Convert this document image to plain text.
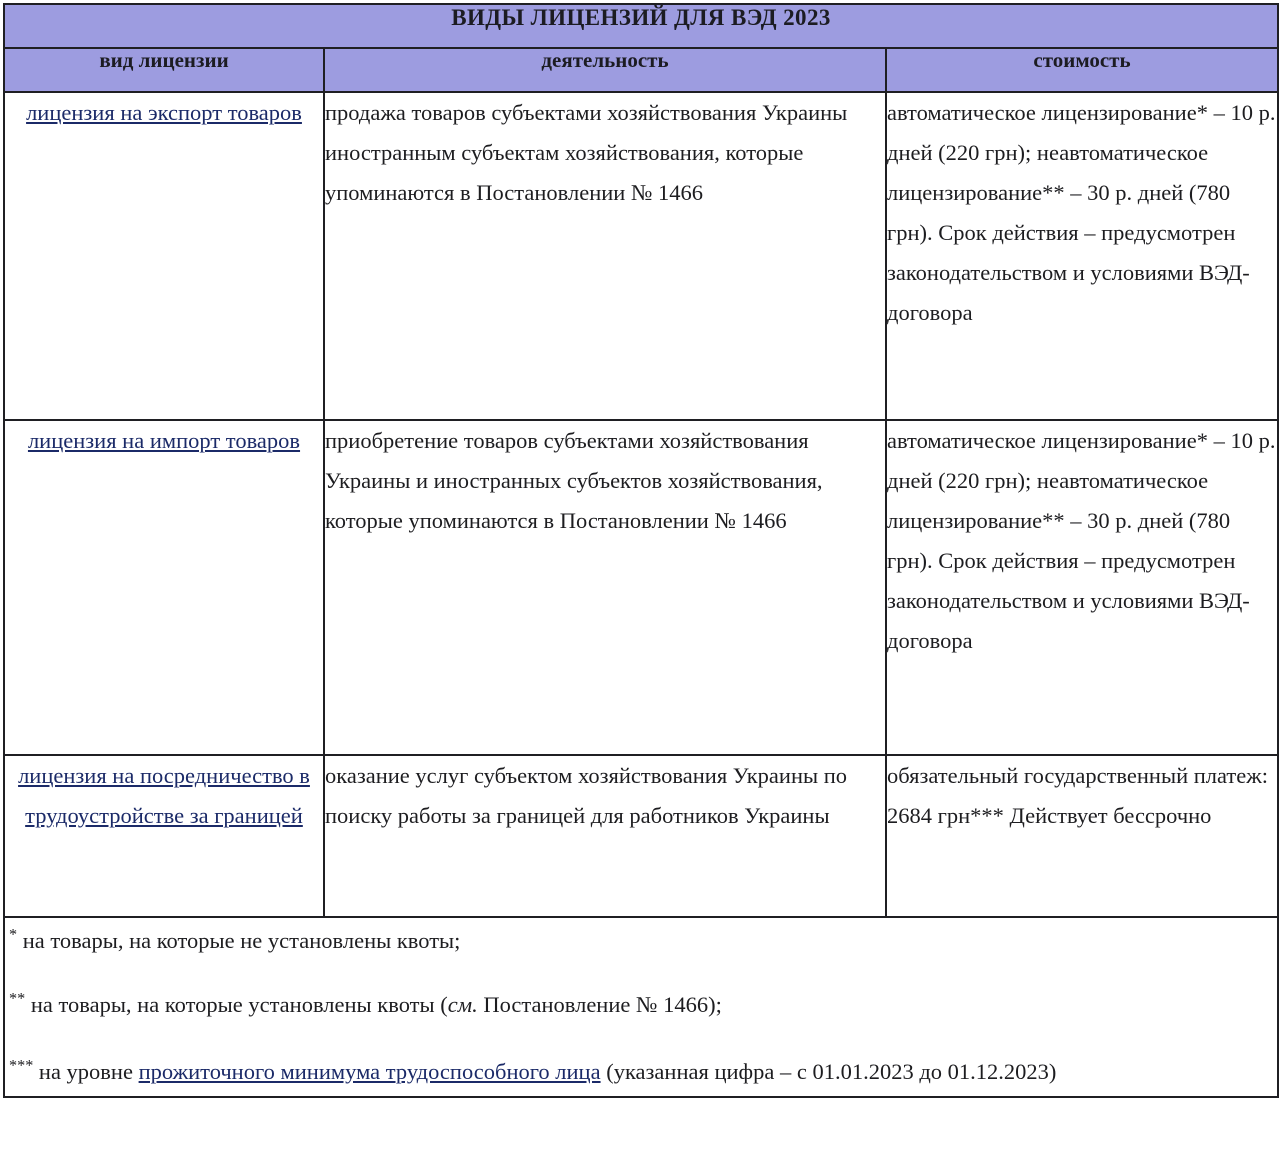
ВИДЫ ЛИЦЕНЗИЙ ДЛЯ ВЭД 2023		
вид лицензии	деятельность	стоимость
лицензия на экспорт товаров	продажа товаров субъектами хозяйствования Украины иностранным субъектам хозяйствования, которые упоминаются в Постановлении № 1466	автоматическое лицензирование* – 10 р. дней (220 грн); неавтоматическое лицензирование** – 30 р. дней (780 грн). Срок действия – предусмотрен законодательством и условиями ВЭД-договора
лицензия на импорт товаров	приобретение товаров субъектами хозяйствования Украины и иностранных субъектов хозяйствования, которые упоминаются в Постановлении № 1466	автоматическое лицензирование* – 10 р. дней (220 грн); неавтоматическое лицензирование** – 30 р. дней (780 грн). Срок действия – предусмотрен законодательством и условиями ВЭД-договора
лицензия на посредничество в трудоустройстве за границей	оказание услуг субъектом хозяйствования Украины по поиску работы за границей для работников Украины	обязательный государственный платеж: 2684 грн*** Действует бессрочно

* на товары, на которые не установлены квоты;

** на товары, на которые установлены квоты (см. Постановление № 1466);

*** на уровне прожиточного минимума трудоспособного лица (указанная цифра – с 01.01.2023 до 01.12.2023)		
